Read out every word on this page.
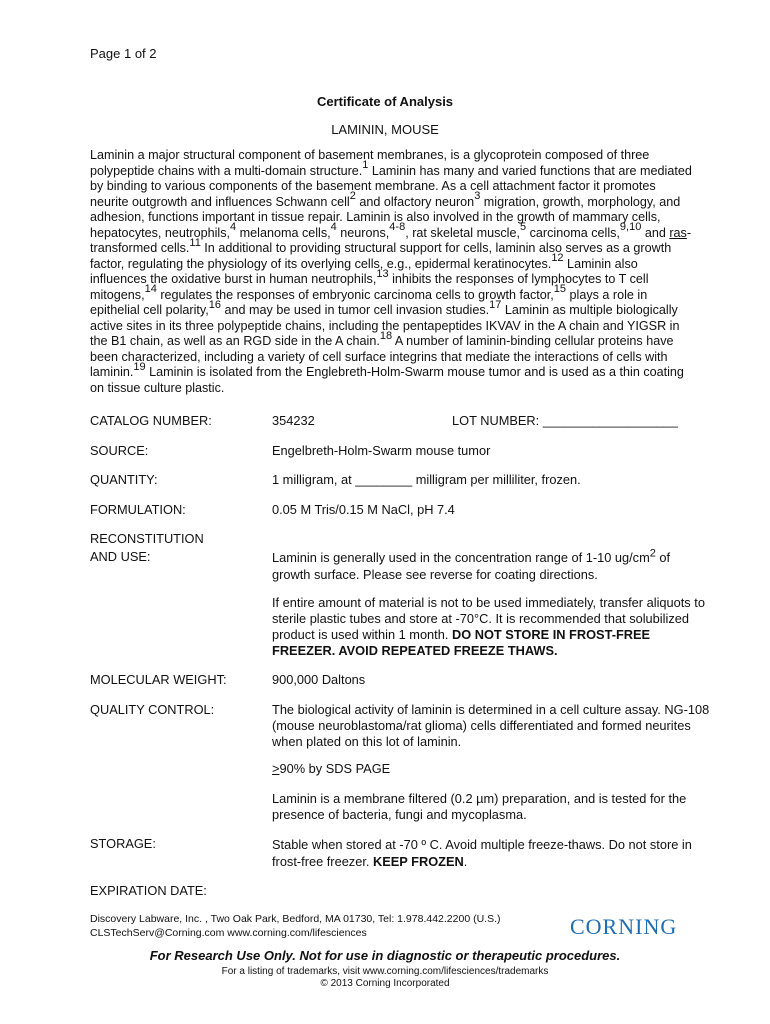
Page 1 of 2
Certificate of Analysis
LAMININ, MOUSE
Laminin a major structural component of basement membranes, is a glycoprotein composed of three polypeptide chains with a multi-domain structure.$^1$ Laminin has many and varied functions that are mediated by binding to various components of the basement membrane. As a cell attachment factor it promotes neurite outgrowth and influences Schwann cell$^2$ and olfactory neuron$^3$ migration, growth, morphology, and adhesion, functions important in tissue repair. Laminin is also involved in the growth of mammary cells, hepatocytes, neutrophils,$^4$ melanoma cells,$^4$ neurons,$^{4-8}$, rat skeletal muscle,$^5$ carcinoma cells,$^{9,10}$ and ras-transformed cells.$^{11}$ In additional to providing structural support for cells, laminin also serves as a growth factor, regulating the physiology of its overlying cells, e.g., epidermal keratinocytes.$^{12}$ Laminin also influences the oxidative burst in human neutrophils,$^{13}$ inhibits the responses of lymphocytes to T cell mitogens,$^{14}$ regulates the responses of embryonic carcinoma cells to growth factor,$^{15}$ plays a role in epithelial cell polarity,$^{16}$ and may be used in tumor cell invasion studies.$^{17}$ Laminin as multiple biologically active sites in its three polypeptide chains, including the pentapeptides IKVAV in the A chain and YIGSR in the B1 chain, as well as an RGD side in the A chain.$^{18}$ A number of laminin-binding cellular proteins have been characterized, including a variety of cell surface integrins that mediate the interactions of cells with laminin.$^{19}$ Laminin is isolated from the Englebreth-Holm-Swarm mouse tumor and is used as a thin coating on tissue culture plastic.
CATALOG NUMBER:	354232	LOT NUMBER: ___________________
SOURCE:	Engelbreth-Holm-Swarm mouse tumor
QUANTITY:	1 milligram, at ________ milligram per milliliter, frozen.
FORMULATION:	0.05 M Tris/0.15 M NaCl, pH 7.4
RECONSTITUTION
AND USE:	Laminin is generally used in the concentration range of 1-10 $ug/cm^2$ of growth surface. Please see reverse for coating directions.
If entire amount of material is not to be used immediately, transfer aliquots to sterile plastic tubes and store at -70°C. It is recommended that solubilized product is used within 1 month. DO NOT STORE IN FROST-FREE FREEZER. AVOID REPEATED FREEZE THAWS.
MOLECULAR WEIGHT:	900,000 Daltons
QUALITY CONTROL:	The biological activity of laminin is determined in a cell culture assay. NG-108 (mouse neuroblastoma/rat glioma) cells differentiated and formed neurites when plated on this lot of laminin.
>90% by SDS PAGE
Laminin is a membrane filtered (0.2 µm) preparation, and is tested for the presence of bacteria, fungi and mycoplasma.
STORAGE:	Stable when stored at -70 º C. Avoid multiple freeze-thaws. Do not store in frost-free freezer. KEEP FROZEN.
EXPIRATION DATE:
Discovery Labware, Inc. , Two Oak Park, Bedford, MA 01730, Tel: 1.978.442.2200 (U.S.)
CLSTechServ@Corning.com www.corning.com/lifesciences	CORNING
For Research Use Only. Not for use in diagnostic or therapeutic procedures.
For a listing of trademarks, visit www.corning.com/lifesciences/trademarks
© 2013 Corning Incorporated
